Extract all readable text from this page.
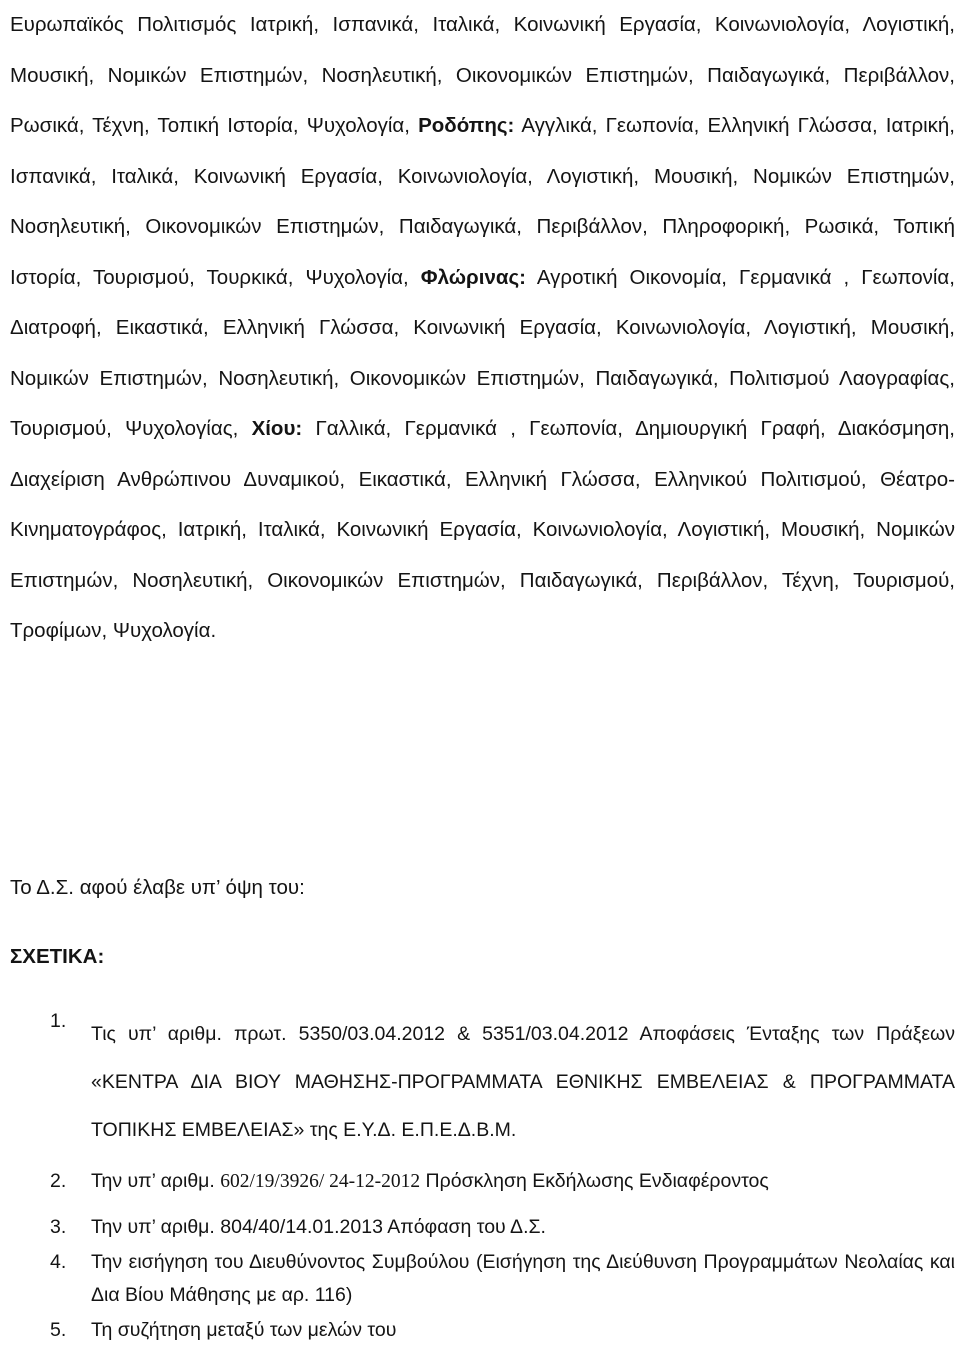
Ευρωπαϊκός Πολιτισμός Ιατρική, Ισπανικά, Ιταλικά, Κοινωνική Εργασία, Κοινωνιολογία, Λογιστική, Μουσική, Νομικών Επιστημών, Νοσηλευτική, Οικονομικών Επιστημών, Παιδαγωγικά, Περιβάλλον, Ρωσικά, Τέχνη, Τοπική Ιστορία, Ψυχολογία, Ροδόπης: Αγγλικά, Γεωπονία, Ελληνική Γλώσσα, Ιατρική, Ισπανικά, Ιταλικά, Κοινωνική Εργασία, Κοινωνιολογία, Λογιστική, Μουσική, Νομικών Επιστημών, Νοσηλευτική, Οικονομικών Επιστημών, Παιδαγωγικά, Περιβάλλον, Πληροφορική, Ρωσικά, Τοπική Ιστορία, Τουρισμού, Τουρκικά, Ψυχολογία, Φλώρινας: Αγροτική Οικονομία, Γερμανικά , Γεωπονία, Διατροφή, Εικαστικά, Ελληνική Γλώσσα, Κοινωνική Εργασία, Κοινωνιολογία, Λογιστική, Μουσική, Νομικών Επιστημών, Νοσηλευτική, Οικονομικών Επιστημών, Παιδαγωγικά, Πολιτισμού Λαογραφίας, Τουρισμού, Ψυχολογίας, Χίου: Γαλλικά, Γερμανικά , Γεωπονία, Δημιουργική Γραφή, Διακόσμηση, Διαχείριση Ανθρώπινου Δυναμικού, Εικαστικά, Ελληνική Γλώσσα, Ελληνικού Πολιτισμού, Θέατρο- Κινηματογράφος, Ιατρική, Ιταλικά, Κοινωνική Εργασία, Κοινωνιολογία, Λογιστική, Μουσική, Νομικών Επιστημών, Νοσηλευτική, Οικονομικών Επιστημών, Παιδαγωγικά, Περιβάλλον, Τέχνη, Τουρισμού, Τροφίμων, Ψυχολογία.

Το Δ.Σ. αφού έλαβε υπ’ όψη του:

ΣΧΕΤΙΚΑ:

1.
Τις υπ’ αριθμ. πρωτ. 5350/03.04.2012 & 5351/03.04.2012 Αποφάσεις Ένταξης των Πράξεων «ΚΕΝΤΡΑ ΔΙΑ ΒΙΟΥ ΜΑΘΗΣΗΣ-ΠΡΟΓΡΑΜΜΑΤΑ ΕΘΝΙΚΗΣ ΕΜΒΕΛΕΙΑΣ & ΠΡΟΓΡΑΜΜΑΤΑ ΤΟΠΙΚΗΣ ΕΜΒΕΛΕΙΑΣ» της Ε.Υ.Δ. Ε.Π.Ε.Δ.Β.Μ.
2. Την υπ’ αριθμ. 602/19/3926/ 24-12-2012 Πρόσκληση Εκδήλωσης Ενδιαφέροντος
3. Την υπ’ αριθμ. 804/40/14.01.2013 Απόφαση του Δ.Σ.
4. Την εισήγηση του Διευθύνοντος Συμβούλου (Εισήγηση της Διεύθυνση Προγραμμάτων Νεολαίας και Δια Βίου Μάθησης με αρ. 116)
5. Τη συζήτηση μεταξύ των μελών του
